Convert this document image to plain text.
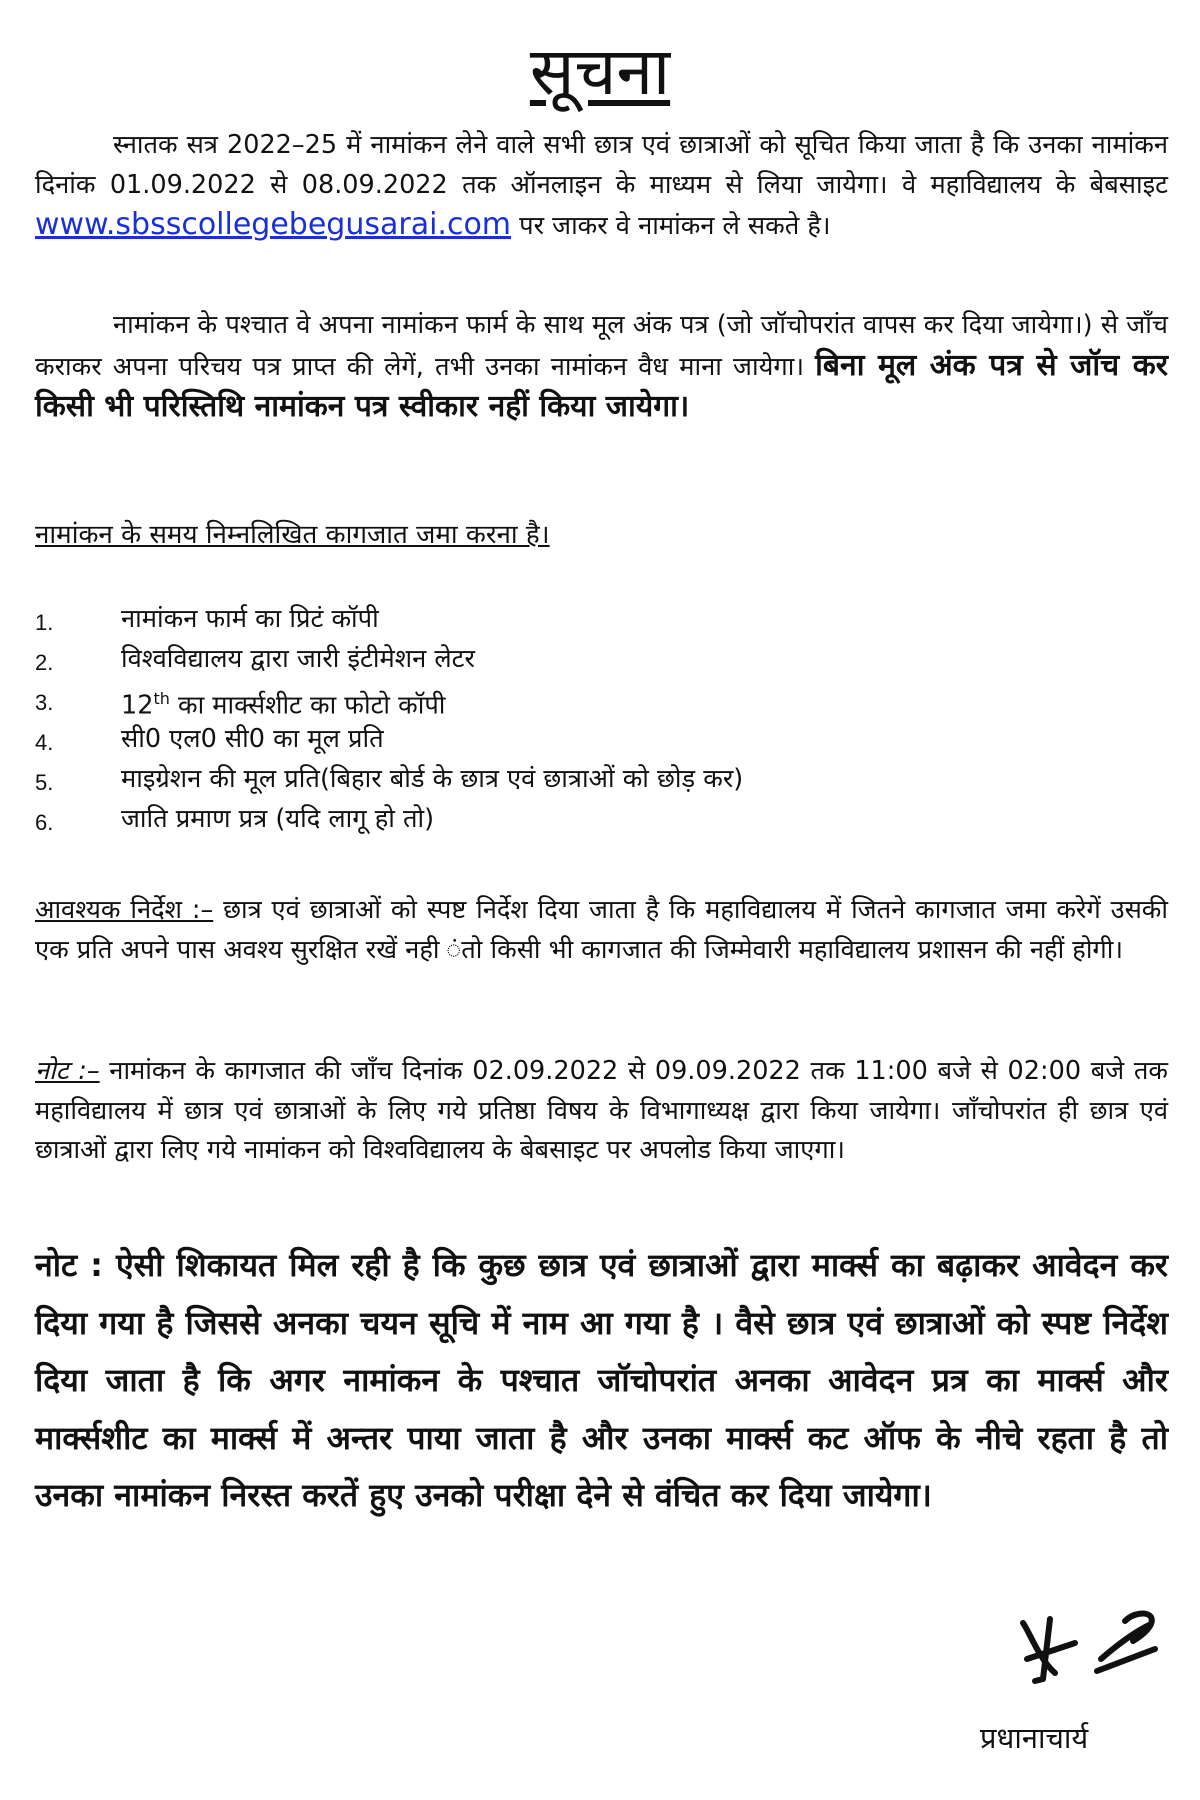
सूचना

स्नातक सत्र 2022–25 में नामांकन लेने वाले सभी छात्र एवं छात्राओं को सूचित किया जाता है कि उनका नामांकन दिनांक 01.09.2022 से 08.09.2022 तक ऑनलाइन के माध्यम से लिया जायेगा। वे महाविद्यालय के बेबसाइट www.sbsscollegebegusarai.com पर जाकर वे नामांकन ले सकते है।

नामांकन के पश्चात वे अपना नामांकन फार्म के साथ मूल अंक पत्र (जो जॉचोपरांत वापस कर दिया जायेगा।) से जाँच कराकर अपना परिचय पत्र प्राप्त की लेगें, तभी उनका नामांकन वैध माना जायेगा। बिना मूल अंक पत्र से जॉच कर किसी भी परिस्तिथि नामांकन पत्र स्वीकार नहीं किया जायेगा।

नामांकन के समय निम्नलिखित कागजात जमा करना है।

1.	नामांकन फार्म का प्रिटं कॉपी
2.	विश्वविद्यालय द्वारा जारी इंटीमेशन लेटर
3.	12th का मार्क्सशीट का फोटो कॉपी
4.	सी0 एल0 सी0 का मूल प्रति
5.	माइग्रेशन की मूल प्रति(बिहार बोर्ड के छात्र एवं छात्राओं को छोड़ कर)
6.	जाति प्रमाण प्रत्र (यदि लागू हो तो)

आवश्यक निर्देश :– छात्र एवं छात्राओं को स्पष्ट निर्देश दिया जाता है कि महाविद्यालय में जितने कागजात जमा करेगें उसकी एक प्रति अपने पास अवश्य सुरक्षित रखें नही ंतो किसी भी कागजात की जिम्मेवारी महाविद्यालय प्रशासन की नहीं होगी।

नोट :– नामांकन के कागजात की जाँच दिनांक 02.09.2022 से 09.09.2022 तक 11:00 बजे से 02:00 बजे तक महाविद्यालय में छात्र एवं छात्राओं के लिए गये प्रतिष्ठा विषय के विभागाध्यक्ष द्वारा किया जायेगा। जाँचोपरांत ही छात्र एवं छात्राओं द्वारा लिए गये नामांकन को विश्वविद्यालय के बेबसाइट पर अपलोड किया जाएगा।

नोट : ऐसी शिकायत मिल रही है कि कुछ छात्र एवं छात्राओं द्वारा मार्क्स का बढ़ाकर आवेदन कर दिया गया है जिससे अनका चयन सूचि में नाम आ गया है । वैसे छात्र एवं छात्राओं को स्पष्ट निर्देश दिया जाता है कि अगर नामांकन के पश्चात जॉचोपरांत अनका आवेदन प्रत्र का मार्क्स और मार्क्सशीट का मार्क्स में अन्तर पाया जाता है और उनका मार्क्स कट ऑफ के नीचे रहता है तो उनका नामांकन निरस्त करतें हुए उनको परीक्षा देने से वंचित कर दिया जायेगा।

प्रधानाचार्य
